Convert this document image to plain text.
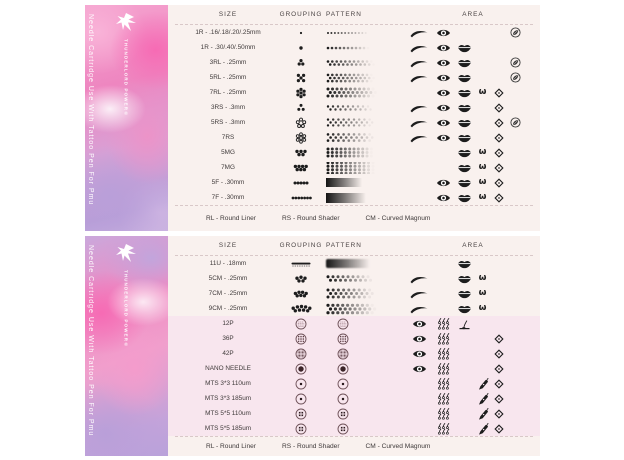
Needle Cartridge Use With Tattoo Pen For Pmu	THUNDERLORD POWER®
SIZE	GROUPING PATTERN	AREA
1R - .16/.18/.20/.25mm
1R - .30/.40/.50mm
3RL - .25mm
5RL - .25mm
7RL - .25mm	ω
3RS - .3mm
5RS - .3mm
7RS
5MG	ω
7MG	ω
5F - .30mm	ω
7F - .30mm	ω
RL - Round Liner	RS - Round Shader	CM - Curved Magnum
Needle Cartridge Use With Tattoo Pen For Pmu	THUNDERLORD POWER®
SIZE	GROUPING PATTERN	AREA
11U - .18mm
5CM - .25mm	ω
7CM - .25mm	ω
9CM - .25mm	ω
12P
36P
42P
NANO NEEDLE
MTS 3*3 110um
MTS 3*3 185um
MTS 5*5 110um
MTS 5*5 185um
RL - Round Liner	RS - Round Shader	CM - Curved Magnum
